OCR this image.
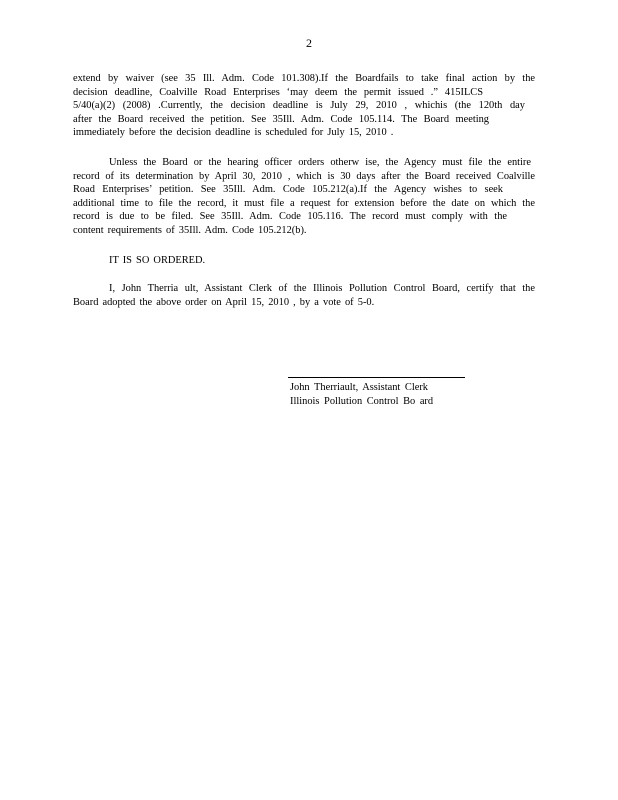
2
extend by waiver (see 35 Ill. Adm. Code 101.308).If the Boardfails to take final action by the
decision deadline, Coalville Road Enterprises ‘may deem the permit issued .” 415ILCS
5/40(a)(2) (2008) .Currently, the decision deadline is July 29, 2010 , whichis (the 120th day
after the Board received the petition. See 35Ill. Adm. Code 105.114. The Board meeting
immediately before the decision deadline is scheduled for July 15, 2010 .
Unless the Board or the hearing officer orders otherw ise, the Agency must file the entire
record of its determination by April 30, 2010 , which is 30 days after the Board received Coalville
Road Enterprises’ petition. See 35Ill. Adm. Code 105.212(a).If the Agency wishes to seek
additional time to file the record, it must file a request for extension before the date on which the
record is due to be filed. See 35Ill. Adm. Code 105.116. The record must comply with the
content requirements of 35Ill. Adm. Code 105.212(b).
IT IS SO ORDERED.
I, John Therria ult, Assistant Clerk of the Illinois Pollution Control Board, certify that the
Board adopted the above order on April 15, 2010 , by a vote of 5-0.
John Therriault, Assistant Clerk
Illinois Pollution Control Bo ard
